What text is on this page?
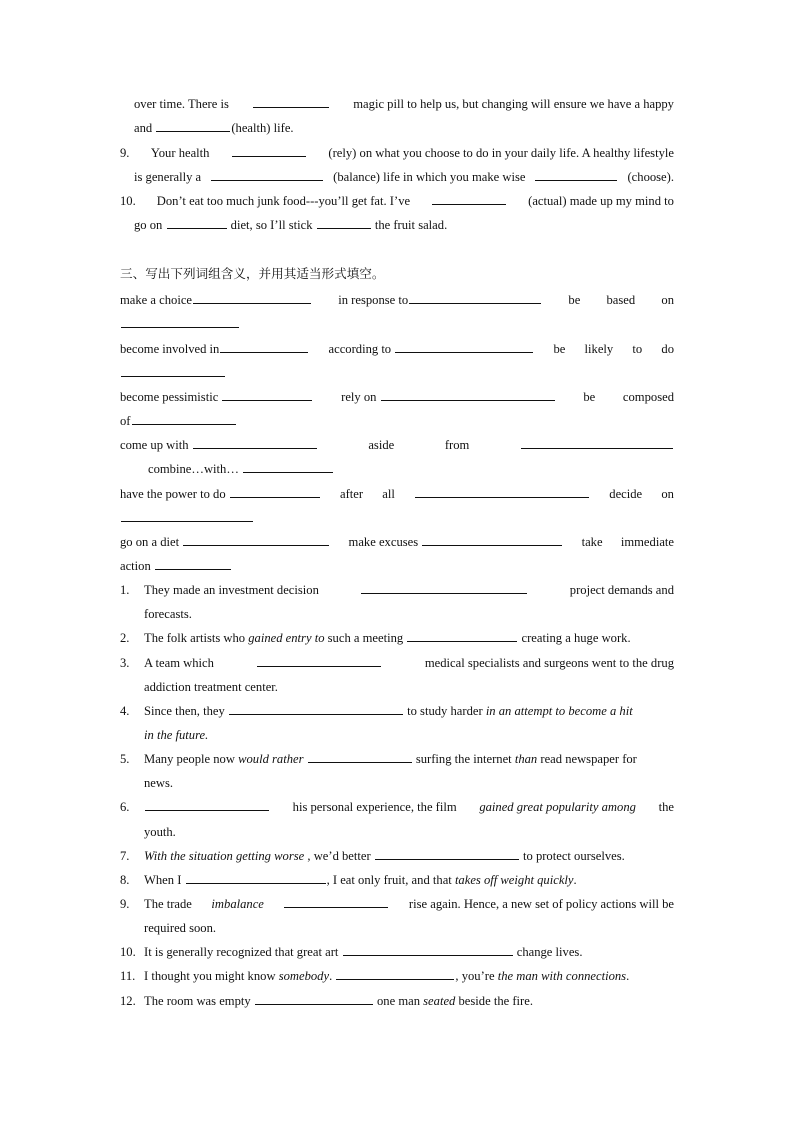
over time. There is	magic pill to help us, but changing will ensure we have a happy
and	(health) life.
9. Your health	(rely) on what you choose to do in your daily life. A healthy lifestyle
is generally a	(balance) life in which you make wise	(choose).
10. Don’t eat too much junk food---you’ll get fat. I’ve	(actual) made up my mind to
go on	diet, so I’ll stick	the fruit salad.
三、写出下列词组含义，并用其适当形式填空。
make a choice	in response to	be based on
become involved in	according to	be likely to do
become pessimistic	rely on	be composed
of
come up with	aside	from
combine…with…
have the power to do	after all	decide on
go on a diet	make excuses	take immediate
action
1. They made an investment decision	project demands and
forecasts.
2. The folk artists who gained entry to such a meeting	creating a huge work.
3. A team which	medical specialists and surgeons went to the drug
addiction treatment center.
4. Since then, they	to study harder in an attempt to become a hit
in the future.
5. Many people now would rather	surfing the internet than read newspaper for
news.
6.	his personal experience, the film gained great popularity among the
youth.
7. With the situation getting worse , we’d better	to protect ourselves.
8. When I	, I eat only fruit, and that takes off weight quickly.
9. The trade imbalance	rise again. Hence, a new set of policy actions will be
required soon.
10. It is generally recognized that great art	change lives.
11. I thought you might know somebody.	, you’re the man with connections.
12. The room was empty	one man seated beside the fire.
